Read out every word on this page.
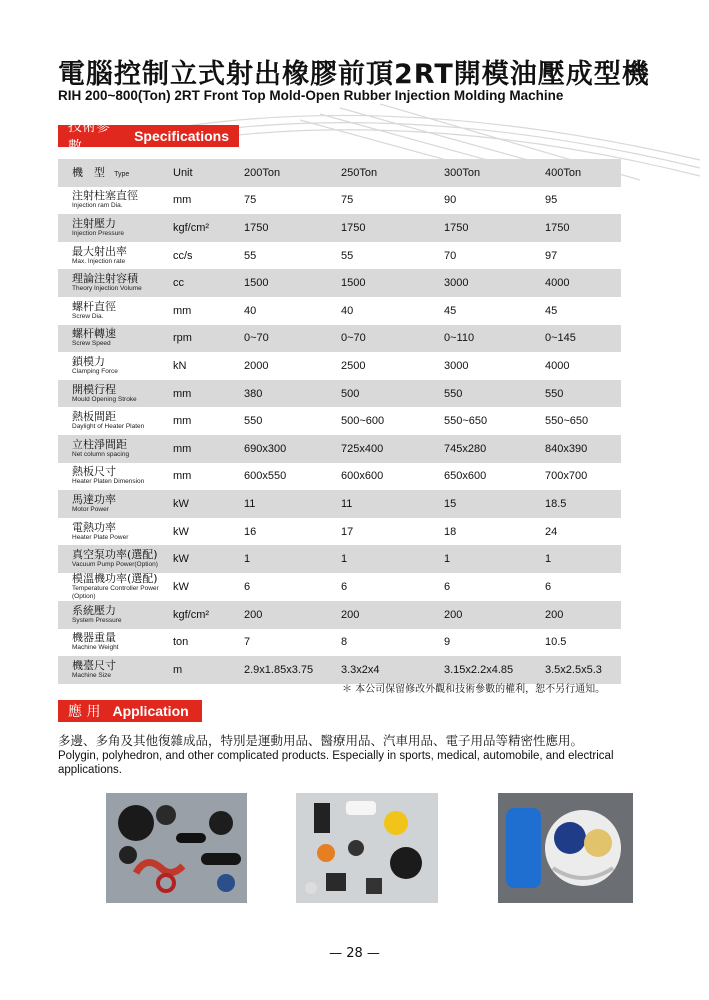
電腦控制立式射出橡膠前頂2RT開模油壓成型機
RIH 200~800(Ton) 2RT Front Top Mold-Open Rubber Injection Molding Machine
技術參數
Specifications
機　型 Type	Unit	200Ton	250Ton	300Ton	400Ton

注射柱塞直徑
Injection ram Dia.	mm	75	75	90	95

注射壓力
Injection Pressure	kgf/cm²	1750	1750	1750	1750

最大射出率
Max. Injection rate	cc/s	55	55	70	97

理論注射容積
Theory Injection Volume	cc	1500	1500	3000	4000

螺杆直徑
Screw Dia.	mm	40	40	45	45

螺杆轉速
Screw Speed	rpm	0~70	0~70	0~110	0~145

鎖模力
Clamping Force	kN	2000	2500	3000	4000

開模行程
Mould Opening Stroke	mm	380	500	550	550

熱板間距
Daylight of Heater Platen	mm	550	500~600	550~650	550~650

立柱淨間距
Net column spacing	mm	690x300	725x400	745x280	840x390

熱板尺寸
Heater Platen Dimension	mm	600x550	600x600	650x600	700x700

馬達功率
Motor Power	kW	11	11	15	18.5

電熱功率
Heater Plate Power	kW	16	17	18	24

真空泵功率(選配)
Vacuum Pump Power(Option)	kW	1	1	1	1

模溫機功率(選配)
Temperature Controller Power (Option)	kW	6	6	6	6

系統壓力
System Pressure	kgf/cm²	200	200	200	200

機器重量
Machine Weight	ton	7	8	9	10.5

機臺尺寸
Machine Size	m	2.9x1.85x3.75	3.3x2x4	3.15x2.2x4.85	3.5x2.5x5.3
＊ 本公司保留修改外觀和技術參數的權利，恕不另行通知。
應 用 Application
多邊、多角及其他復雜成品，特別是運動用品、醫療用品、汽車用品、電子用品等精密性應用。
Polygin, polyhedron, and other complicated products. Especially in sports, medical, automobile, and electrical applications.
— 28 —
